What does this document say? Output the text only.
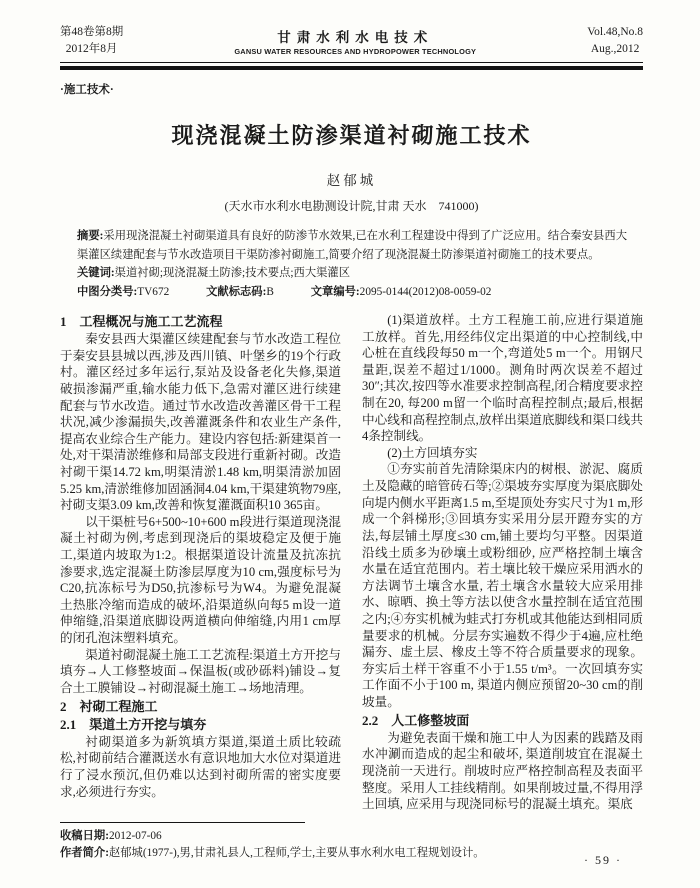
第48卷第8期
2012年8月
甘肃水利水电技术
GANSU WATER RESOURCES AND HYDROPOWER TECHNOLOGY
Vol.48,No.8
Aug.,2012
·施工技术·
现浇混凝土防渗渠道衬砌施工技术
赵郁城
(天水市水利水电勘测设计院,甘肃 天水　741000)

摘要:采用现浇混凝土衬砌渠道具有良好的防渗节水效果,已在水利工程建设中得到了广泛应用。结合秦安县西大渠灌区续建配套与节水改造项目干渠防渗衬砌施工,简要介绍了现浇混凝土防渗渠道衬砌施工的技术要点。

关键词:渠道衬砌;现浇混凝土防渗;技术要点;西大渠灌区

中图分类号:TV672	文献标志码:B	文章编号:2095-0144(2012)08-0059-02

1　工程概况与施工工艺流程

秦安县西大渠灌区续建配套与节水改造工程位于秦安县县城以西,涉及西川镇、叶堡乡的19个行政村。灌区经过多年运行,泵站及设备老化失修,渠道破损渗漏严重,输水能力低下,急需对灌区进行续建配套与节水改造。通过节水改造改善灌区骨干工程状况,减少渗漏损失,改善灌溉条件和农业生产条件,提高农业综合生产能力。建设内容包括:新建渠首一处,对干渠清淤维修和局部支段进行重新衬砌。改造衬砌干渠14.72 km,明渠清淤1.48 km,明渠清淤加固5.25 km,清淤维修加固涵洞4.04 km,干渠建筑物79座,衬砌支渠3.09 km,改善和恢复灌溉面积10 365亩。

以干渠桩号6+500~10+600 m段进行渠道现浇混凝土衬砌为例,考虑到现浇后的渠坡稳定及便于施工,渠道内坡取为1:2。根据渠道设计流量及抗冻抗渗要求,选定混凝土防渗层厚度为10 cm,强度标号为C20,抗冻标号为D50,抗渗标号为W4。为避免混凝土热胀冷缩而造成的破坏,沿渠道纵向每5 m设一道伸缩缝,沿渠道底脚设两道横向伸缩缝,内用1 cm厚的闭孔泡沫塑料填充。

渠道衬砌混凝土施工工艺流程:渠道土方开挖与填夯→人工修整坡面→保温板(或砂砾料)铺设→复合土工膜铺设→衬砌混凝土施工→场地清理。

2　衬砌工程施工
2.1　渠道土方开挖与填夯

衬砌渠道多为新筑填方渠道,渠道土质比较疏松,衬砌前结合灌溉送水有意识地加大水位对渠道进行了浸水预沉,但仍难以达到衬砌所需的密实度要求,必须进行夯实。

(1)渠道放样。土方工程施工前,应进行渠道施工放样。首先,用经纬仪定出渠道的中心控制线,中心桩在直线段每50 m一个,弯道处5 m一个。用钢尺量距,误差不超过1/1000。测角时两次误差不超过30″;其次,按四等水准要求控制高程,闭合精度要求控制在20, 每200 m留一个临时高程控制点;最后,根据中心线和高程控制点,放样出渠道底脚线和渠口线共4条控制线。

(2)土方回填夯实

①夯实前首先清除渠床内的树根、淤泥、腐质土及隐藏的暗管砖石等;②渠坡夯实厚度为渠底脚处向堤内侧水平距离1.5 m,至堤顶处夯实尺寸为1 m,形成一个斜梯形;③回填夯实采用分层开蹬夯实的方法,每层铺土厚度≤30 cm,铺土要均匀平整。因渠道沿线土质多为砂壤土或粉细砂, 应严格控制土壤含水量在适宜范围内。若土壤比较干燥应采用洒水的方法调节土壤含水量, 若土壤含水量较大应采用排水、晾晒、换土等方法以使含水量控制在适宜范围之内;④夯实机械为蛙式打夯机或其他能达到相同质量要求的机械。分层夯实遍数不得少于4遍,应杜绝漏夯、虚土层、橡皮土等不符合质量要求的现象。夯实后土样干容重不小于1.55 t/m³。一次回填夯实工作面不小于100 m, 渠道内侧应预留20~30 cm的削坡量。

2.2　人工修整坡面

为避免表面干燥和施工中人为因素的践踏及雨水冲涮而造成的起尘和破坏, 渠道削坡宜在混凝土现浇前一天进行。削坡时应严格控制高程及表面平整度。采用人工挂线精削。如果削坡过量,不得用浮土回填, 应采用与现浇同标号的混凝土填充。渠底

收稿日期:2012-07-06

作者简介:赵郁城(1977-),男,甘肃礼县人,工程师,学士,主要从事水利水电工程规划设计。

· 59 ·
